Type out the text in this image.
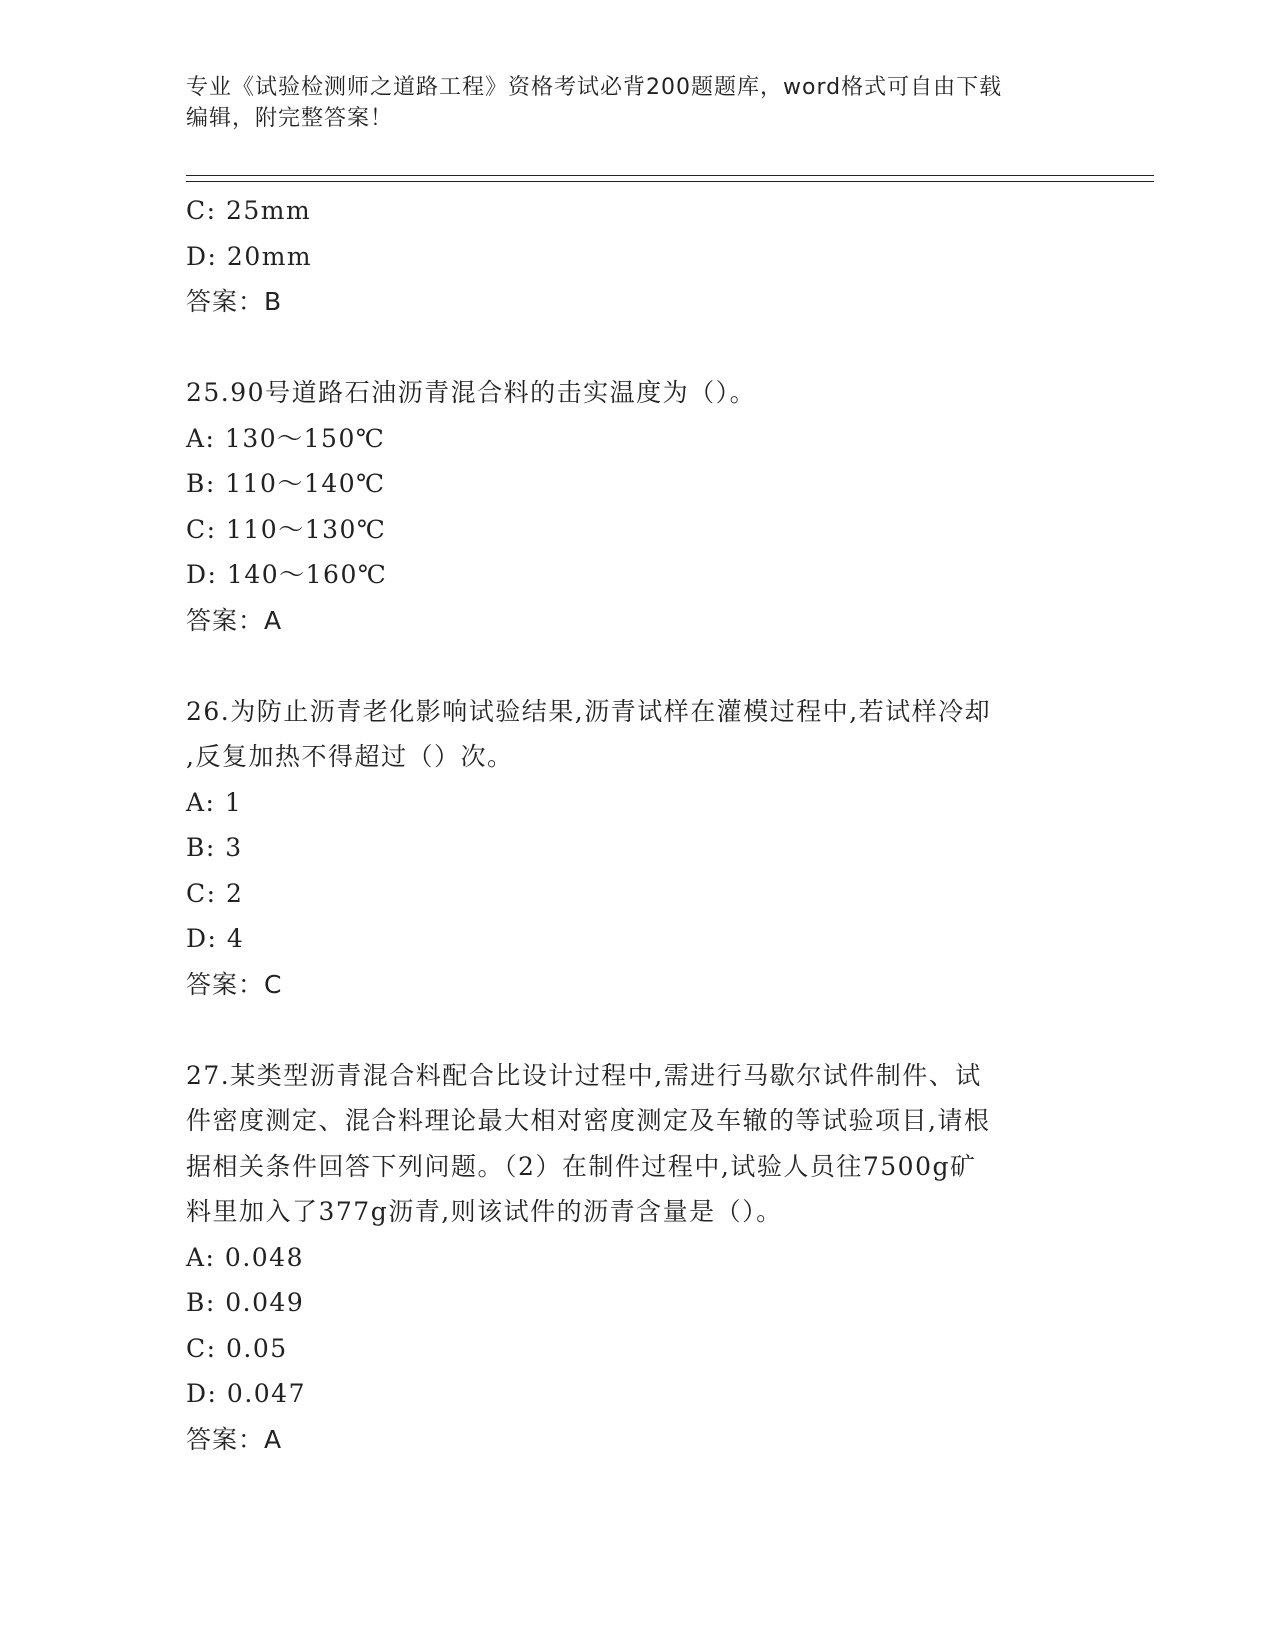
专业《试验检测师之道路工程》资格考试必背200题题库，word格式可自由下载
编辑，附完整答案！
C: 25mm
D: 20mm
答案：B
25.90号道路石油沥青混合料的击实温度为（）。
A: 130～150℃
B: 110～140℃
C: 110～130℃
D: 140～160℃
答案：A
26.为防止沥青老化影响试验结果,沥青试样在灌模过程中,若试样冷却
,反复加热不得超过（）次。
A: 1
B: 3
C: 2
D: 4
答案：C
27.某类型沥青混合料配合比设计过程中,需进行马歇尔试件制件、试
件密度测定、混合料理论最大相对密度测定及车辙的等试验项目,请根
据相关条件回答下列问题。（2）在制件过程中,试验人员往7500g矿
料里加入了377g沥青,则该试件的沥青含量是（）。
A: 0.048
B: 0.049
C: 0.05
D: 0.047
答案：A
